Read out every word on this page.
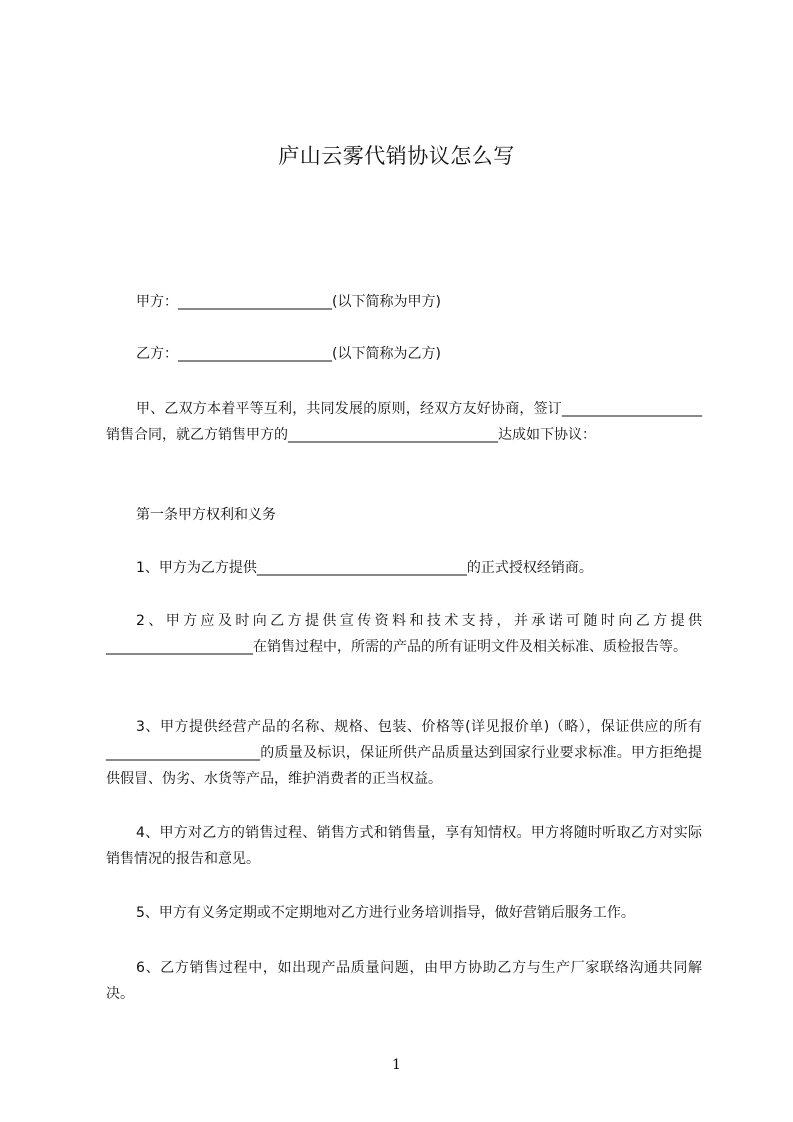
庐山云雾代销协议怎么写
甲方：______________________(以下简称为甲方)
乙方：______________________(以下简称为乙方)
甲、乙双方本着平等互利，共同发展的原则，经双方友好协商，签订____________________销售合同，就乙方销售甲方的______________________________达成如下协议：
第一条甲方权利和义务
1、甲方为乙方提供______________________________的正式授权经销商。
2、甲方应及时向乙方提供宣传资料和技术支持，并承诺可随时向乙方提供_____________________在销售过程中，所需的产品的所有证明文件及相关标准、质检报告等。
3、甲方提供经营产品的名称、规格、包装、价格等(详见报价单)（略），保证供应的所有______________________的质量及标识，保证所供产品质量达到国家行业要求标准。甲方拒绝提供假冒、伪劣、水货等产品，维护消费者的正当权益。
4、甲方对乙方的销售过程、销售方式和销售量，享有知情权。甲方将随时听取乙方对实际销售情况的报告和意见。
5、甲方有义务定期或不定期地对乙方进行业务培训指导，做好营销后服务工作。
6、乙方销售过程中，如出现产品质量问题，由甲方协助乙方与生产厂家联络沟通共同解决。
1
